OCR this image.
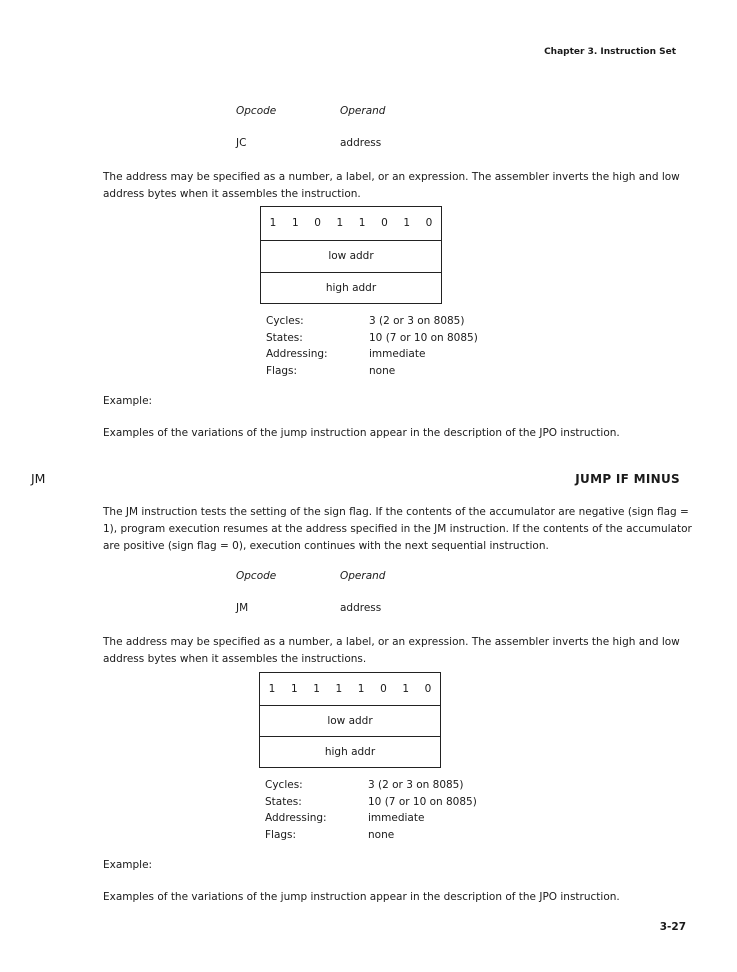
Chapter 3. Instruction Set
Opcode	Operand
JC	address
The address may be specified as a number, a label, or an expression. The assembler inverts the high and low address bytes when it assembles the instruction.
1 1 0 1 1 0 1 0
low addr
high addr
Cycles:	3 (2 or 3 on 8085)
States:	10 (7 or 10 on 8085)
Addressing:	immediate
Flags:	none
Example:
Examples of the variations of the jump instruction appear in the description of the JPO instruction.
JM	JUMP IF MINUS
The JM instruction tests the setting of the sign flag. If the contents of the accumulator are negative (sign flag = 1), program execution resumes at the address specified in the JM instruction. If the contents of the accumulator are positive (sign flag = 0), execution continues with the next sequential instruction.
Opcode	Operand
JM	address
The address may be specified as a number, a label, or an expression. The assembler inverts the high and low address bytes when it assembles the instructions.
1 1 1 1 1 0 1 0
low addr
high addr
Cycles:	3 (2 or 3 on 8085)
States:	10 (7 or 10 on 8085)
Addressing:	immediate
Flags:	none
Example:
Examples of the variations of the jump instruction appear in the description of the JPO instruction.
3-27
